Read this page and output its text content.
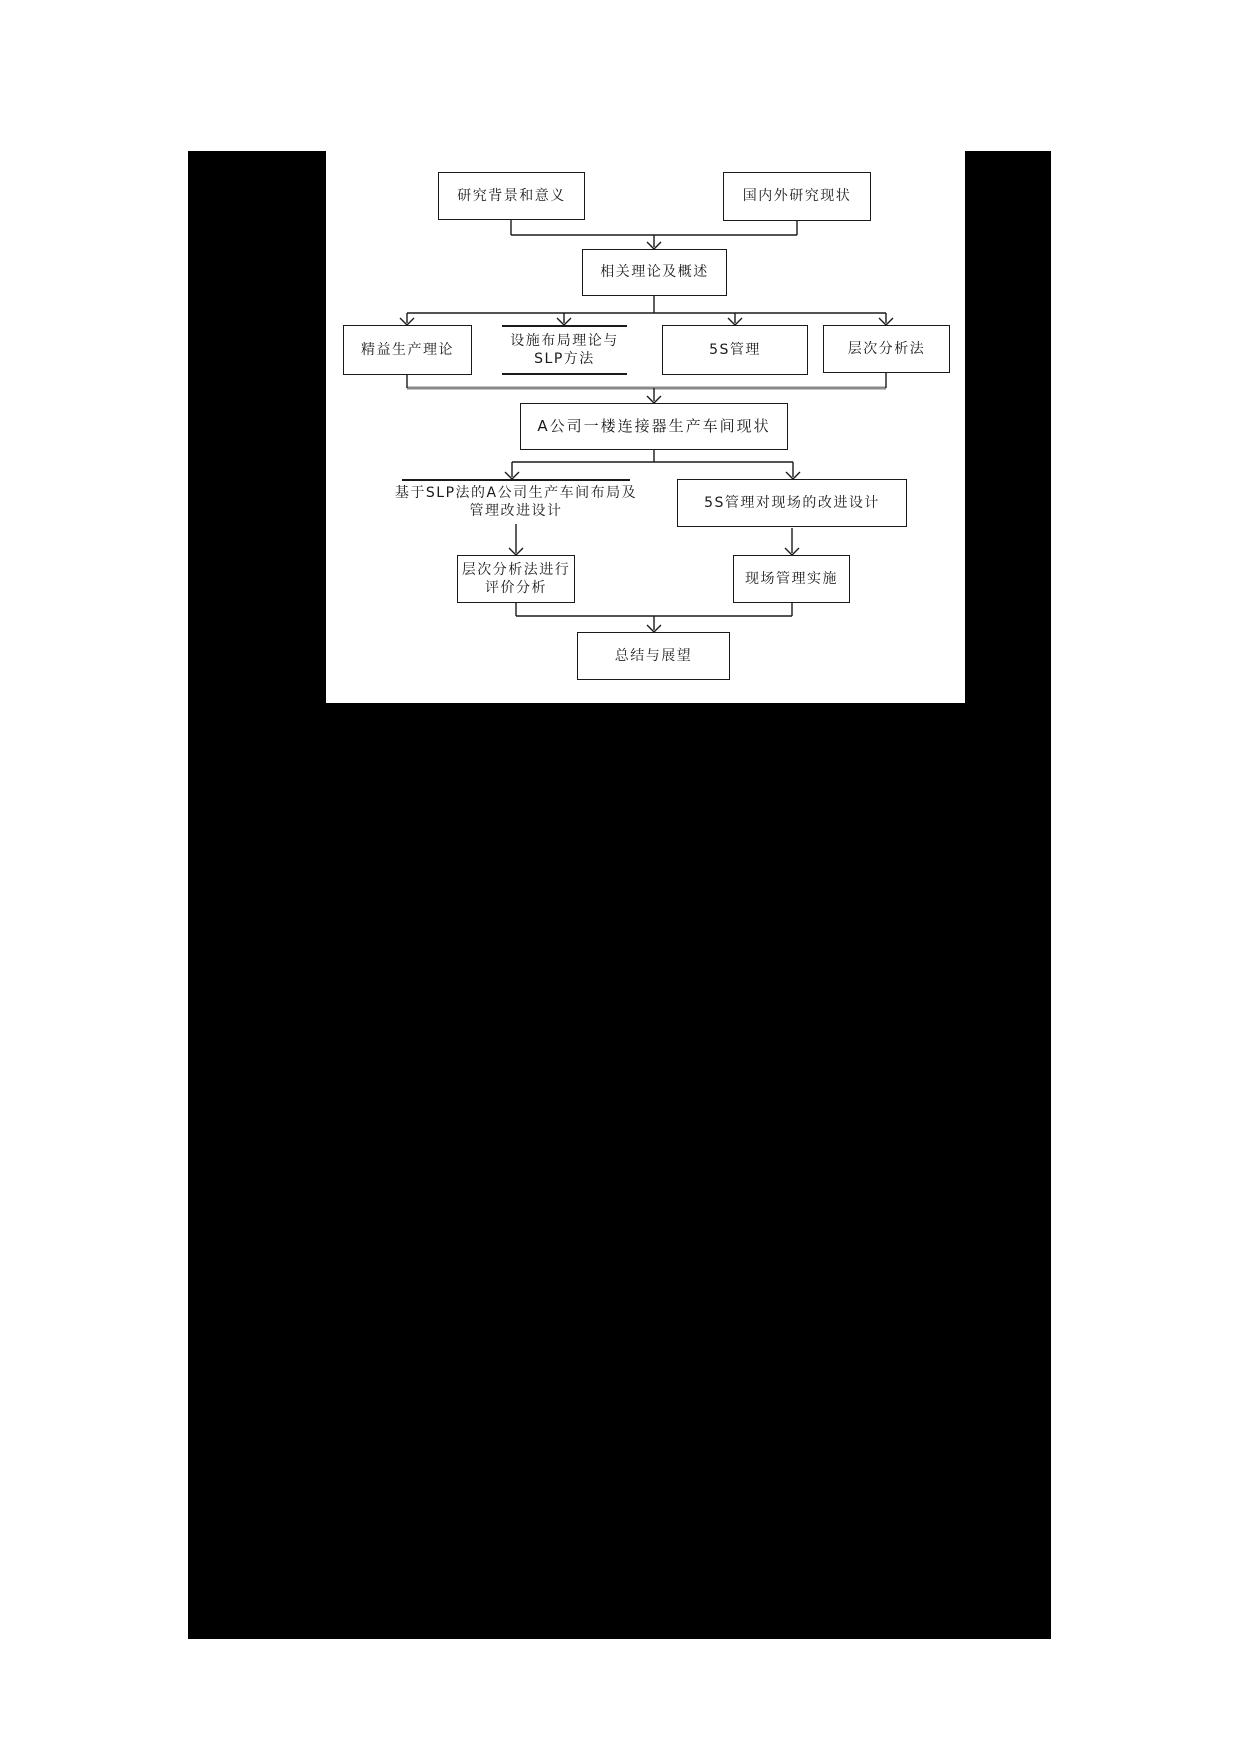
研究背景和意义	国内外研究现状
相关理论及概述
精益生产理论
设施布局理论与
SLP方法
5S管理	层次分析法
A公司一楼连接器生产车间现状
基于SLP法的A公司生产车间布局及
管理改进设计
5S管理对现场的改进设计
层次分析法进行
评价分析
现场管理实施
总结与展望
